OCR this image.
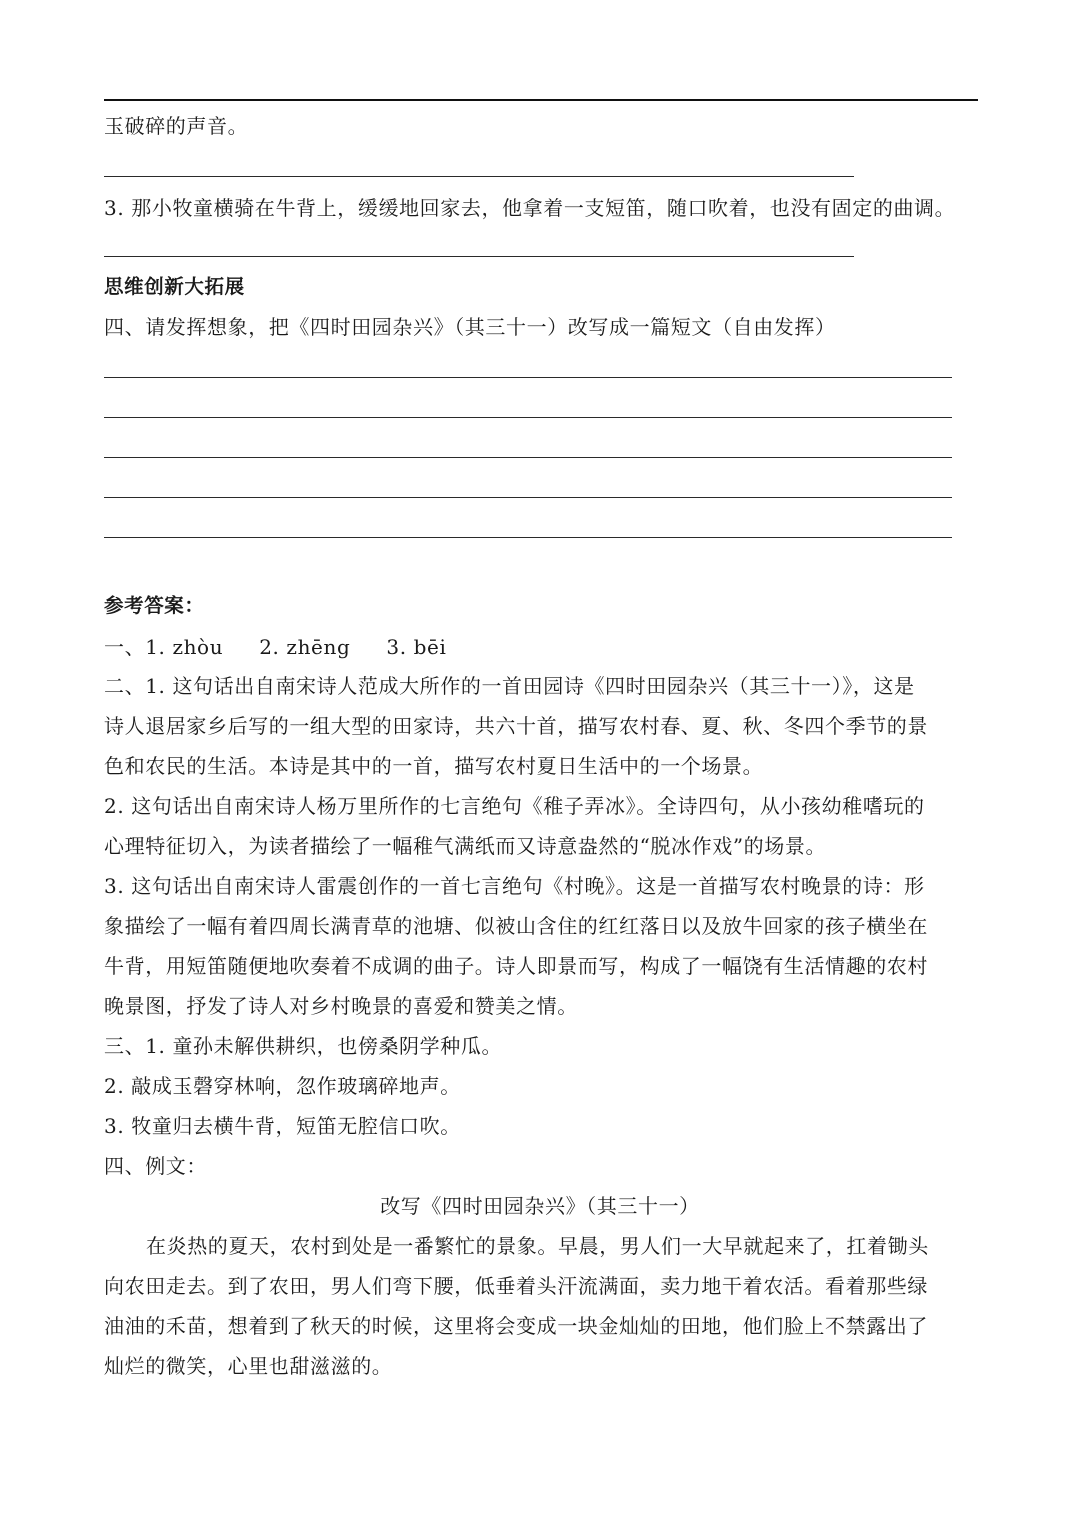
玉破碎的声音。
3. 那小牧童横骑在牛背上，缓缓地回家去，他拿着一支短笛，随口吹着，也没有固定的曲调。
思维创新大拓展
四、请发挥想象，把《四时田园杂兴》（其三十一）改写成一篇短文（自由发挥）
参考答案：
一、1. zhòu 2. zhēng 3. bēi
二、1. 这句话出自南宋诗人范成大所作的一首田园诗《四时田园杂兴（其三十一）》，这是
诗人退居家乡后写的一组大型的田家诗，共六十首，描写农村春、夏、秋、冬四个季节的景
色和农民的生活。本诗是其中的一首，描写农村夏日生活中的一个场景。
2. 这句话出自南宋诗人杨万里所作的七言绝句《稚子弄冰》。全诗四句，从小孩幼稚嗜玩的
心理特征切入，为读者描绘了一幅稚气满纸而又诗意盎然的“脱冰作戏”的场景。
3. 这句话出自南宋诗人雷震创作的一首七言绝句《村晚》。这是一首描写农村晚景的诗：形
象描绘了一幅有着四周长满青草的池塘、似被山含住的红红落日以及放牛回家的孩子横坐在
牛背，用短笛随便地吹奏着不成调的曲子。诗人即景而写，构成了一幅饶有生活情趣的农村
晚景图，抒发了诗人对乡村晚景的喜爱和赞美之情。
三、1. 童孙未解供耕织，也傍桑阴学种瓜。
2. 敲成玉磬穿林响，忽作玻璃碎地声。
3. 牧童归去横牛背，短笛无腔信口吹。
四、例文：
改写《四时田园杂兴》（其三十一）
在炎热的夏天，农村到处是一番繁忙的景象。早晨，男人们一大早就起来了，扛着锄头
向农田走去。到了农田，男人们弯下腰，低垂着头汗流满面，卖力地干着农活。看着那些绿
油油的禾苗，想着到了秋天的时候，这里将会变成一块金灿灿的田地，他们脸上不禁露出了
灿烂的微笑，心里也甜滋滋的。
